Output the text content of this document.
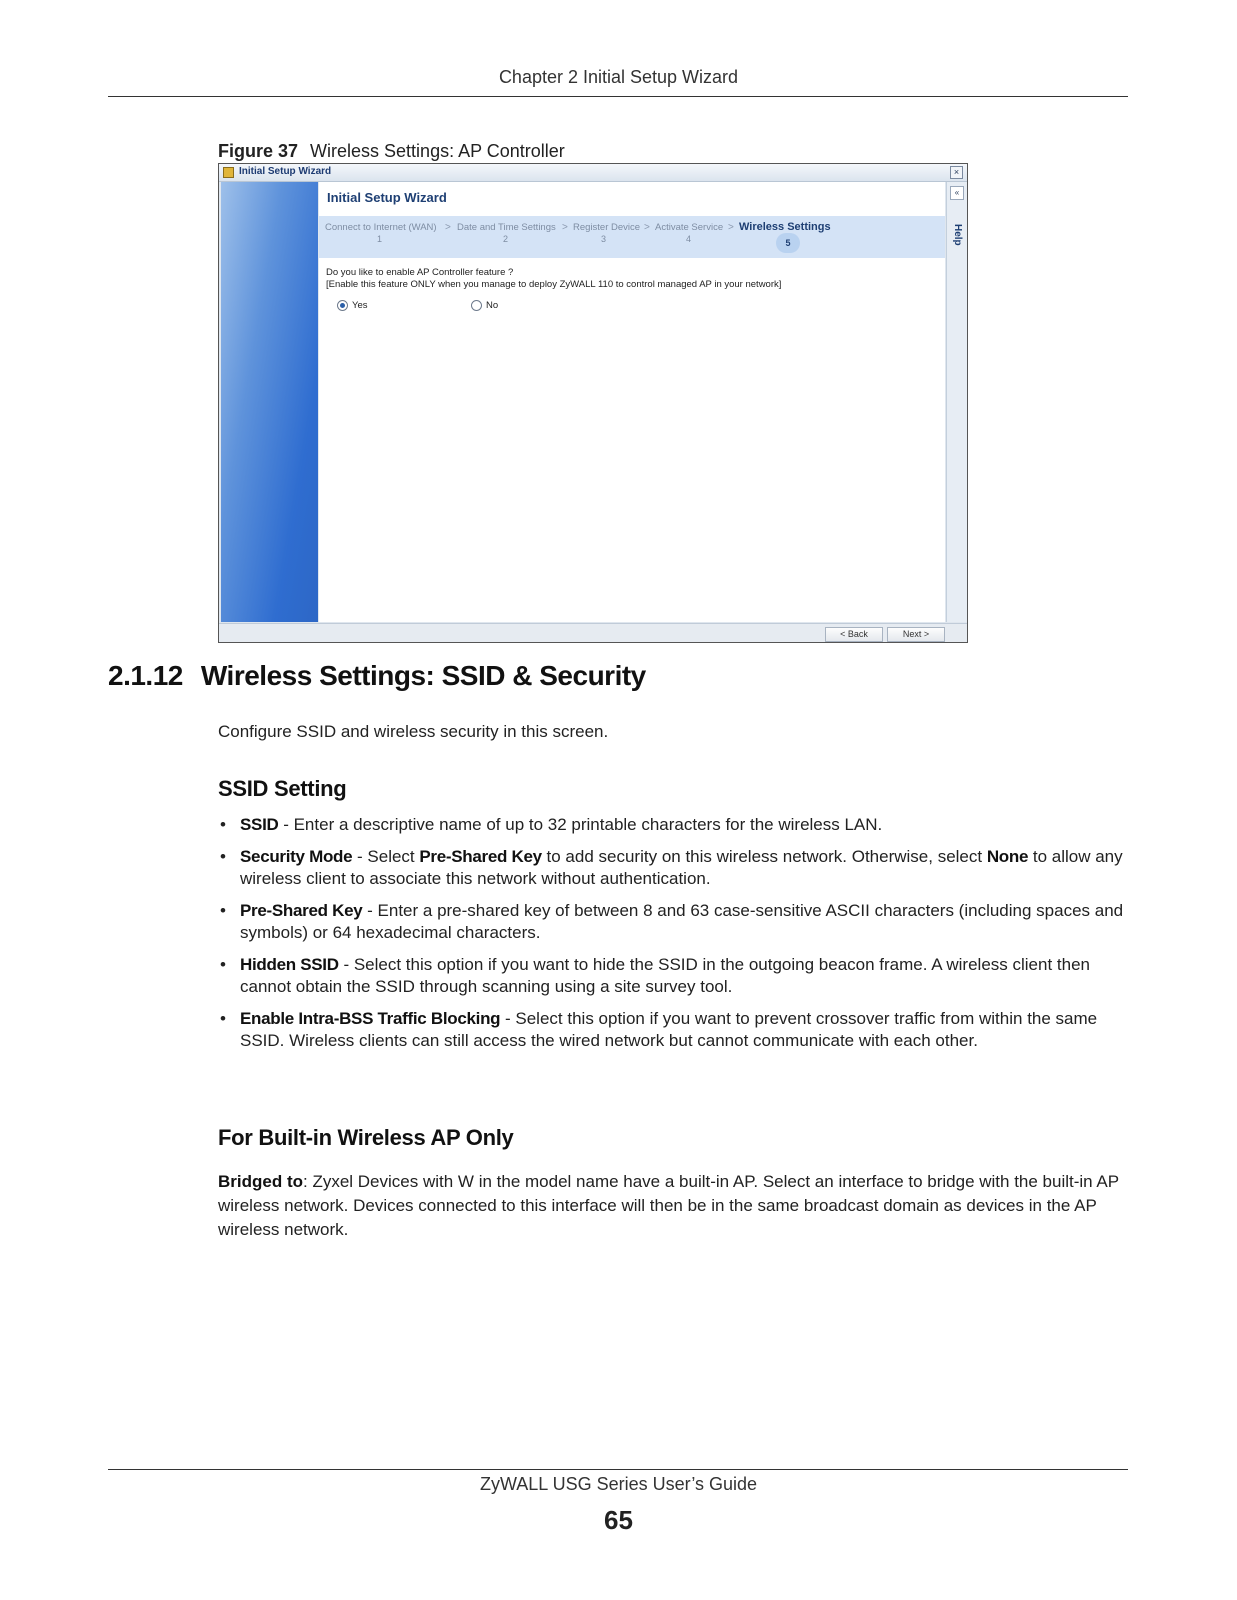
Chapter 2 Initial Setup Wizard
Figure 37 Wireless Settings: AP Controller
Initial Setup Wizard	×
Initial Setup Wizard
Connect to Internet (WAN)
1
> Date and Time Settings
2
> Register Device
3
> Activate Service
4
>
5
Wireless Settings
Do you like to enable AP Controller feature ?
[Enable this feature ONLY when you manage to deploy ZyWALL 110 to control managed AP in your network]
Yes	No
«
Help
< Back	Next >
2.1.12 Wireless Settings: SSID & Security
Configure SSID and wireless security in this screen.
SSID Setting
• SSID - Enter a descriptive name of up to 32 printable characters for the wireless LAN.
• Security Mode - Select Pre-Shared Key to add security on this wireless network. Otherwise, select None to allow any wireless client to associate this network without authentication.
• Pre-Shared Key - Enter a pre-shared key of between 8 and 63 case-sensitive ASCII characters (including spaces and symbols) or 64 hexadecimal characters.
• Hidden SSID - Select this option if you want to hide the SSID in the outgoing beacon frame. A wireless client then cannot obtain the SSID through scanning using a site survey tool.
• Enable Intra-BSS Traffic Blocking - Select this option if you want to prevent crossover traffic from within the same SSID. Wireless clients can still access the wired network but cannot communicate with each other.
For Built-in Wireless AP Only

Bridged to: Zyxel Devices with W in the model name have a built-in AP. Select an interface to bridge with the built-in AP wireless network. Devices connected to this interface will then be in the same broadcast domain as devices in the AP wireless network.

ZyWALL USG Series User’s Guide
65
